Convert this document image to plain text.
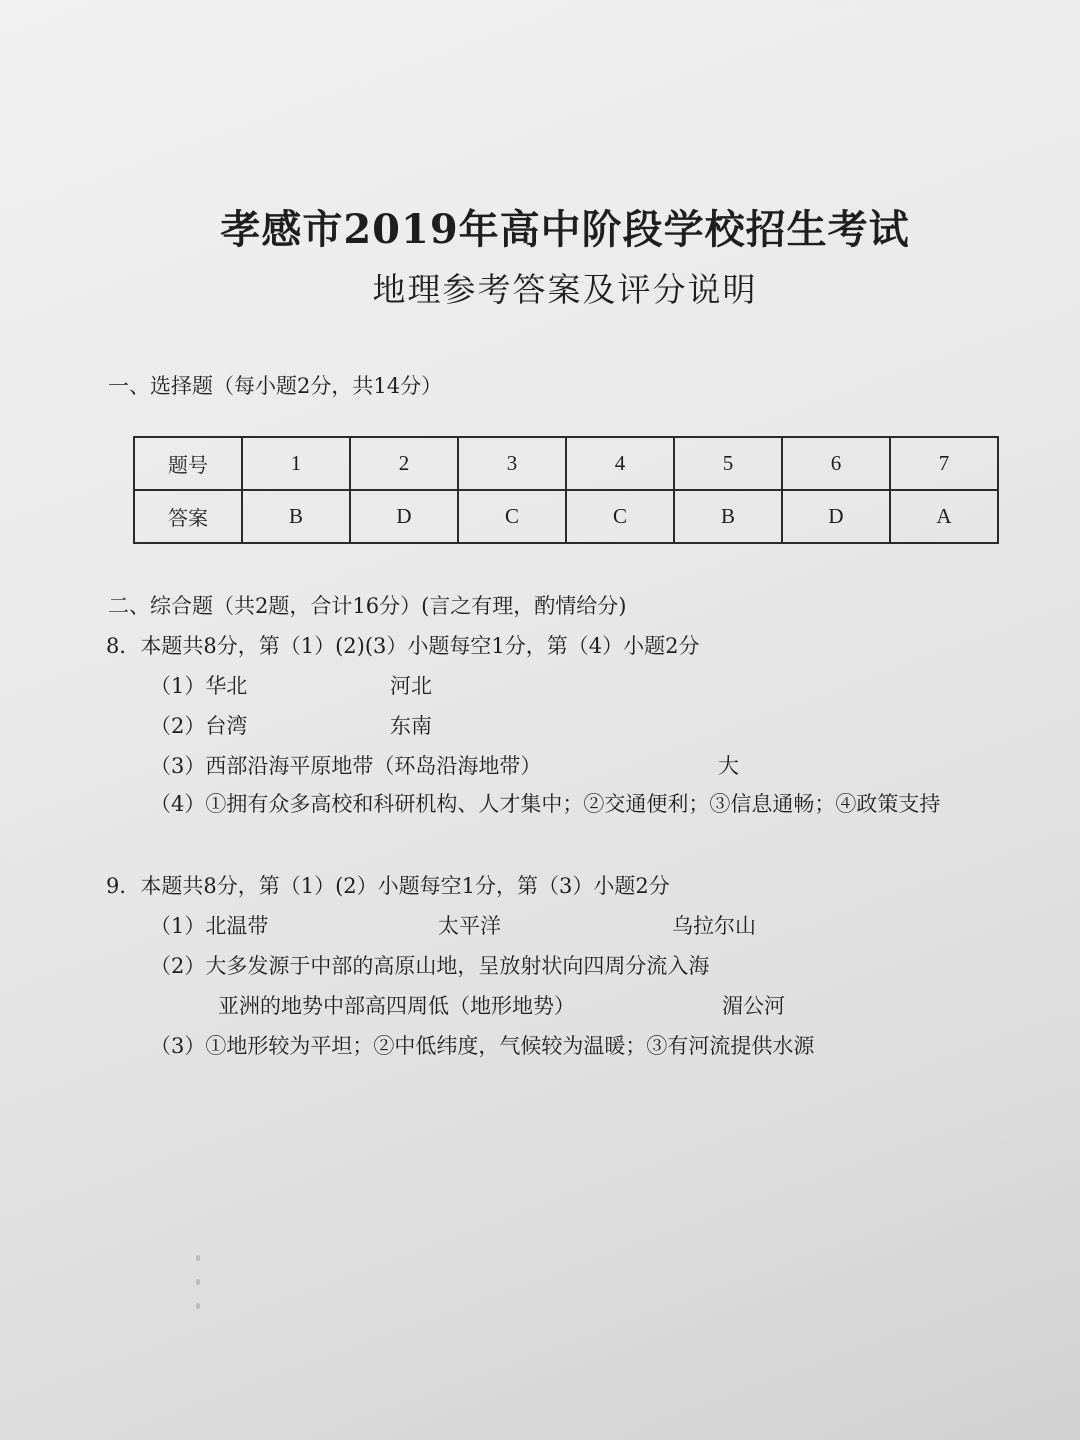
孝感市2019年高中阶段学校招生考试
地理参考答案及评分说明
一、选择题（每小题2分，共14分）
题号	1	2	3	4	5	6	7
答案	B	D	C	C	B	D	A
二、综合题（共2题，合计16分）(言之有理，酌情给分)
8．本题共8分，第（1）(2)(3）小题每空1分，第（4）小题2分
（1）华北	河北
（2）台湾	东南
（3）西部沿海平原地带（环岛沿海地带）	大
（4）①拥有众多高校和科研机构、人才集中；②交通便利；③信息通畅；④政策支持
9．本题共8分，第（1）(2）小题每空1分，第（3）小题2分
（1）北温带	太平洋	乌拉尔山
（2）大多发源于中部的高原山地，呈放射状向四周分流入海
亚洲的地势中部高四周低（地形地势）	湄公河
（3）①地形较为平坦；②中低纬度，气候较为温暖；③有河流提供水源
